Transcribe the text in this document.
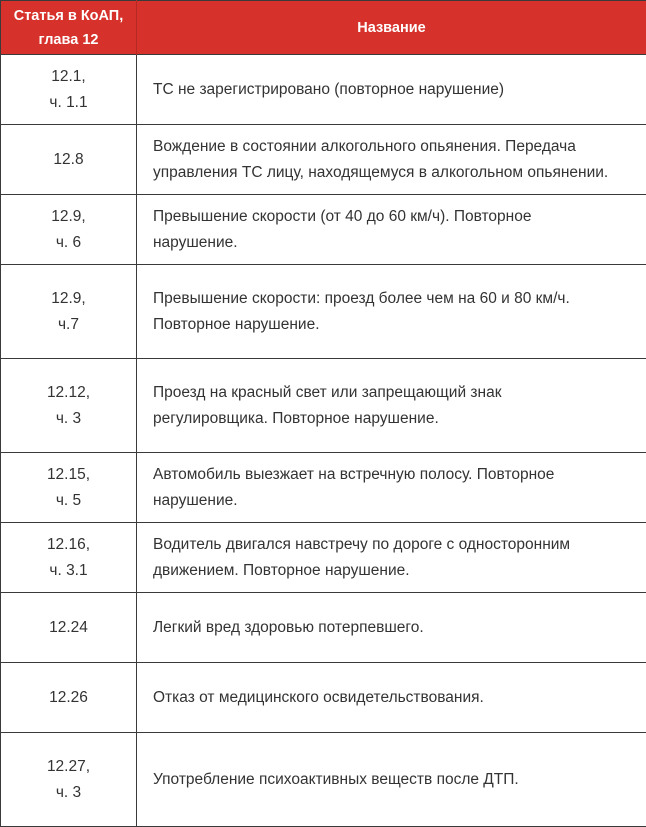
Статья в КоАП,
глава 12	Название

12.1,
ч. 1.1	ТС не зарегистрировано (повторное нарушение)

12.8	Вождение в состоянии алкогольного опьянения. Передача
управления ТС лицу, находящемуся в алкогольном опьянении.

12.9,
ч. 6	Превышение скорости (от 40 до 60 км/ч). Повторное
нарушение.

12.9,
ч.7	Превышение скорости: проезд более чем на 60 и 80 км/ч.
Повторное нарушение.

12.12,
ч. 3	Проезд на красный свет или запрещающий знак
регулировщика. Повторное нарушение.

12.15,
ч. 5	Автомобиль выезжает на встречную полосу. Повторное
нарушение.

12.16,
ч. 3.1	Водитель двигался навстречу по дороге с односторонним
движением. Повторное нарушение.

12.24	Легкий вред здоровью потерпевшего.

12.26	Отказ от медицинского освидетельствования.

12.27,
ч. 3	Употребление психоактивных веществ после ДТП.
